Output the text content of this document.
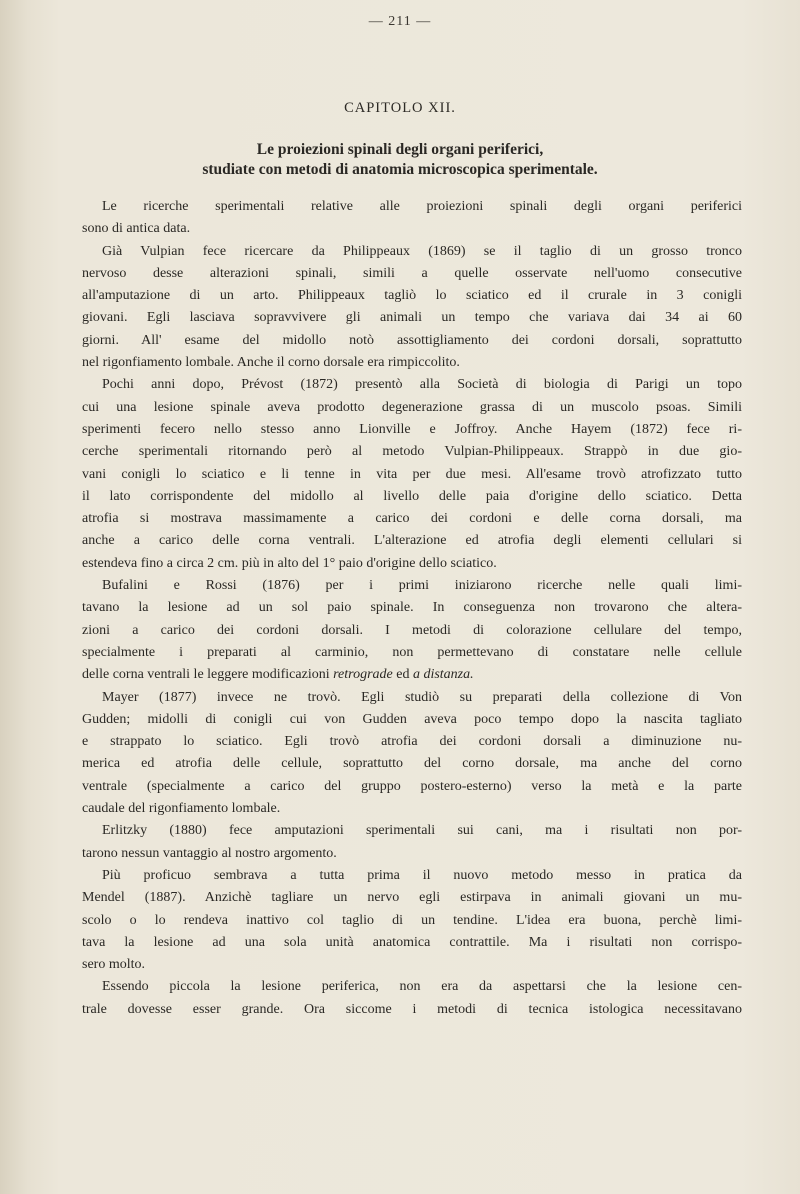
— 211 —
CAPITOLO XII.
Le proiezioni spinali degli organi periferici,
studiate con metodi di anatomia microscopica sperimentale.
Le ricerche sperimentali relative alle proiezioni spinali degli organi periferici
sono di antica data.
Già Vulpian fece ricercare da Philippeaux (1869) se il taglio di un grosso tronco
nervoso desse alterazioni spinali, simili a quelle osservate nell'uomo consecutive
all'amputazione di un arto. Philippeaux tagliò lo sciatico ed il crurale in 3 conigli
giovani. Egli lasciava sopravvivere gli animali un tempo che variava dai 34 ai 60
giorni. All' esame del midollo notò assottigliamento dei cordoni dorsali, soprattutto
nel rigonfiamento lombale. Anche il corno dorsale era rimpiccolito.
Pochi anni dopo, Prévost (1872) presentò alla Società di biologia di Parigi un topo
cui una lesione spinale aveva prodotto degenerazione grassa di un muscolo psoas. Simili
sperimenti fecero nello stesso anno Lionville e Joffroy. Anche Hayem (1872) fece ri-
cerche sperimentali ritornando però al metodo Vulpian-Philippeaux. Strappò in due gio-
vani conigli lo sciatico e li tenne in vita per due mesi. All'esame trovò atrofizzato tutto
il lato corrispondente del midollo al livello delle paia d'origine dello sciatico. Detta
atrofia si mostrava massimamente a carico dei cordoni e delle corna dorsali, ma
anche a carico delle corna ventrali. L'alterazione ed atrofia degli elementi cellulari si
estendeva fino a circa 2 cm. più in alto del 1° paio d'origine dello sciatico.
Bufalini e Rossi (1876) per i primi iniziarono ricerche nelle quali limi-
tavano la lesione ad un sol paio spinale. In conseguenza non trovarono che altera-
zioni a carico dei cordoni dorsali. I metodi di colorazione cellulare del tempo,
specialmente i preparati al carminio, non permettevano di constatare nelle cellule
delle corna ventrali le leggere modificazioni retrograde ed a distanza.
Mayer (1877) invece ne trovò. Egli studiò su preparati della collezione di Von
Gudden; midolli di conigli cui von Gudden aveva poco tempo dopo la nascita tagliato
e strappato lo sciatico. Egli trovò atrofia dei cordoni dorsali a diminuzione nu-
merica ed atrofia delle cellule, soprattutto del corno dorsale, ma anche del corno
ventrale (specialmente a carico del gruppo postero-esterno) verso la metà e la parte
caudale del rigonfiamento lombale.
Erlitzky (1880) fece amputazioni sperimentali sui cani, ma i risultati non por-
tarono nessun vantaggio al nostro argomento.
Più proficuo sembrava a tutta prima il nuovo metodo messo in pratica da
Mendel (1887). Anzichè tagliare un nervo egli estirpava in animali giovani un mu-
scolo o lo rendeva inattivo col taglio di un tendine. L'idea era buona, perchè limi-
tava la lesione ad una sola unità anatomica contrattile. Ma i risultati non corrispo-
sero molto.
Essendo piccola la lesione periferica, non era da aspettarsi che la lesione cen-
trale dovesse esser grande. Ora siccome i metodi di tecnica istologica necessitavano
